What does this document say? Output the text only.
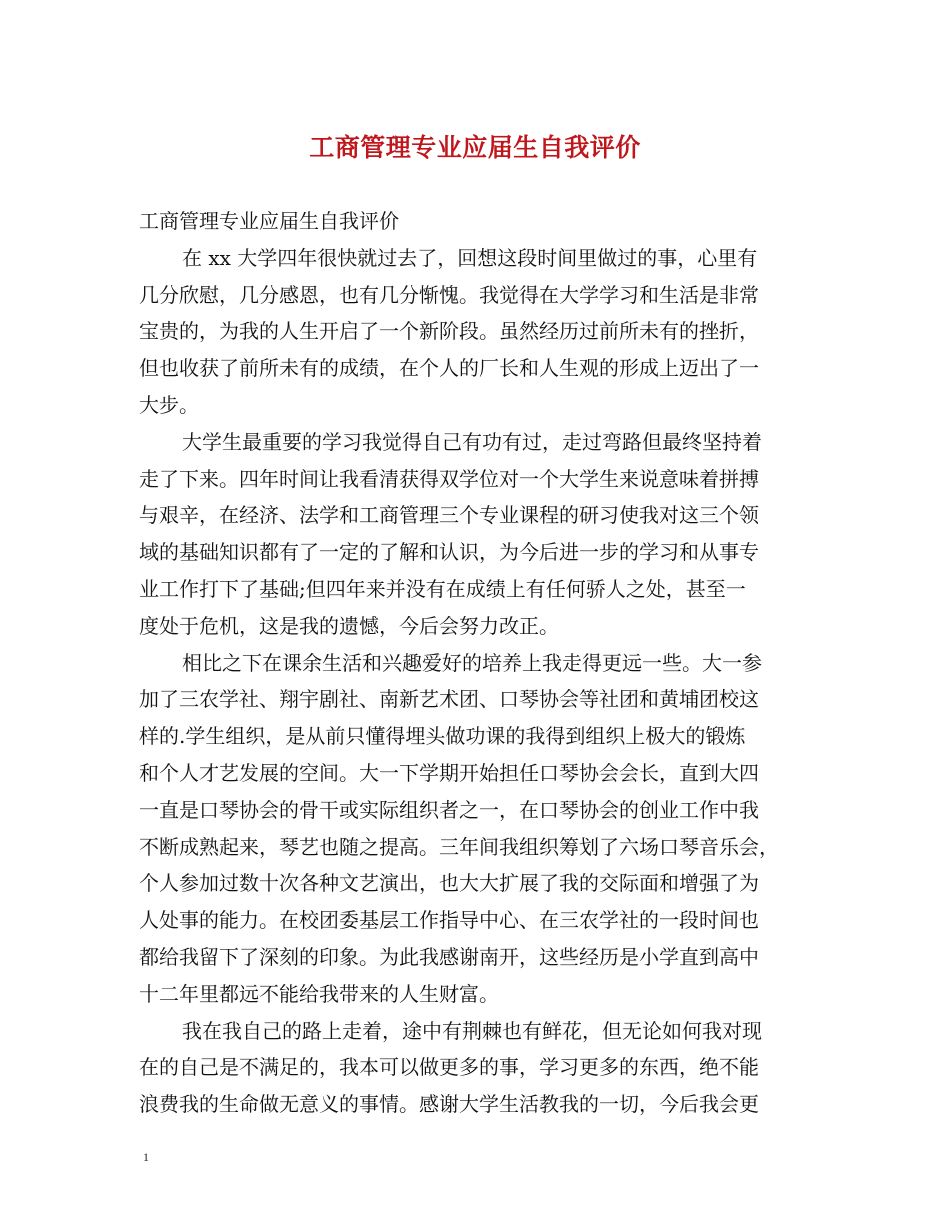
工商管理专业应届生自我评价
工商管理专业应届生自我评价
在 xx 大学四年很快就过去了，回想这段时间里做过的事，心里有
几分欣慰，几分感恩，也有几分惭愧。我觉得在大学学习和生活是非常
宝贵的，为我的人生开启了一个新阶段。虽然经历过前所未有的挫折，
但也收获了前所未有的成绩，在个人的厂长和人生观的形成上迈出了一
大步。
大学生最重要的学习我觉得自己有功有过，走过弯路但最终坚持着
走了下来。四年时间让我看清获得双学位对一个大学生来说意味着拼搏
与艰辛，在经济、法学和工商管理三个专业课程的研习使我对这三个领
域的基础知识都有了一定的了解和认识，为今后进一步的学习和从事专
业工作打下了基础;但四年来并没有在成绩上有任何骄人之处，甚至一
度处于危机，这是我的遗憾，今后会努力改正。
相比之下在课余生活和兴趣爱好的培养上我走得更远一些。大一参
加了三农学社、翔宇剧社、南新艺术团、口琴协会等社团和黄埔团校这
样的.学生组织，是从前只懂得埋头做功课的我得到组织上极大的锻炼
和个人才艺发展的空间。大一下学期开始担任口琴协会会长，直到大四
一直是口琴协会的骨干或实际组织者之一，在口琴协会的创业工作中我
不断成熟起来，琴艺也随之提高。三年间我组织筹划了六场口琴音乐会，
个人参加过数十次各种文艺演出，也大大扩展了我的交际面和增强了为
人处事的能力。在校团委基层工作指导中心、在三农学社的一段时间也
都给我留下了深刻的印象。为此我感谢南开，这些经历是小学直到高中
十二年里都远不能给我带来的人生财富。
我在我自己的路上走着，途中有荆棘也有鲜花，但无论如何我对现
在的自己是不满足的，我本可以做更多的事，学习更多的东西，绝不能
浪费我的生命做无意义的事情。感谢大学生活教我的一切，今后我会更
1
